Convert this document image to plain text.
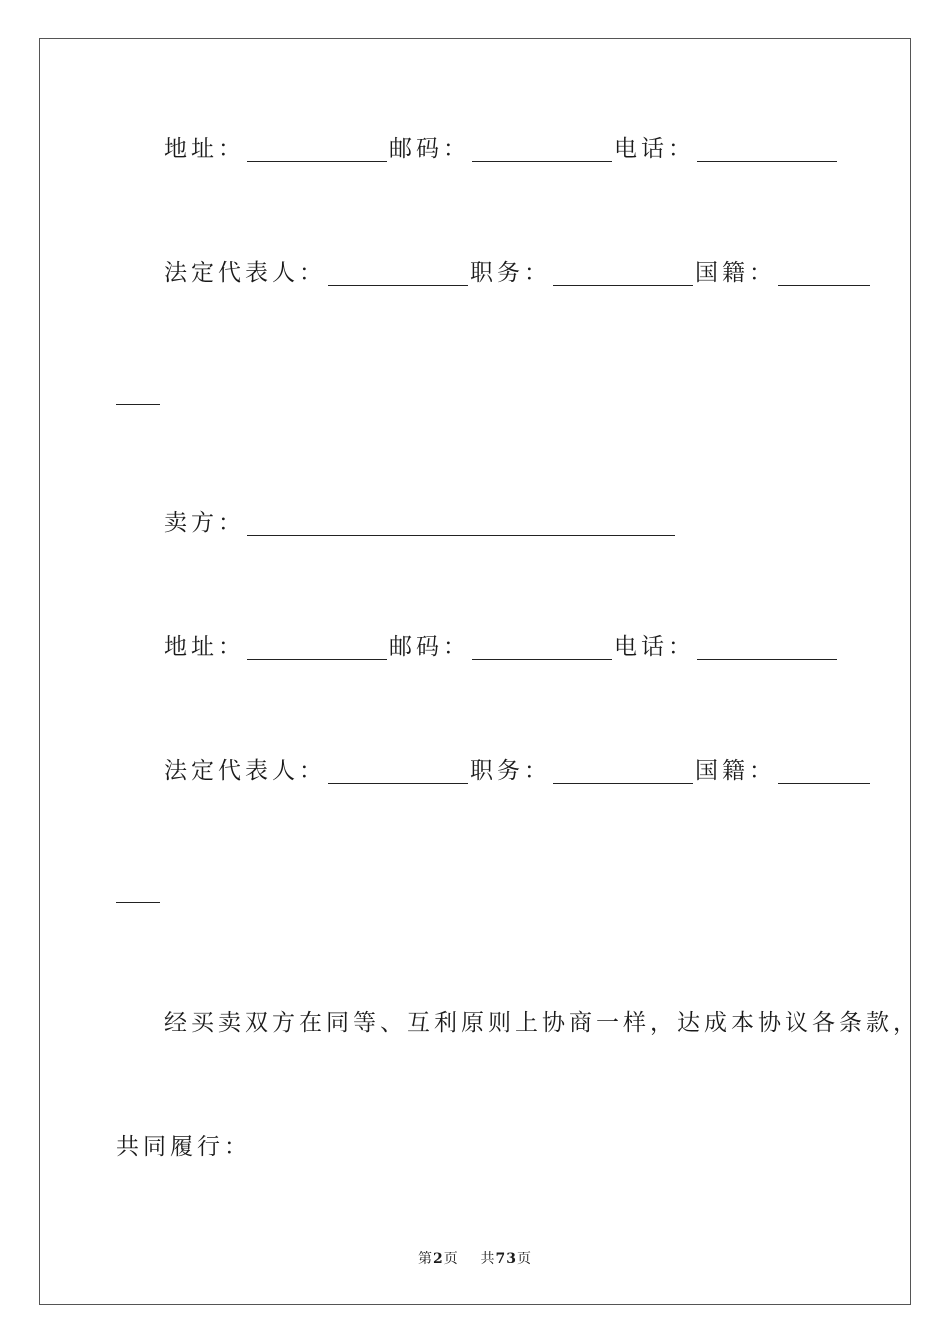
地址：	邮码：	电话：
法定代表人：	职务：	国籍：
卖方：
地址：	邮码：	电话：
法定代表人：	职务：	国籍：
经买卖双方在同等、互利原则上协商一样，达成本协议各条款，
共同履行：
第2页 共73页
